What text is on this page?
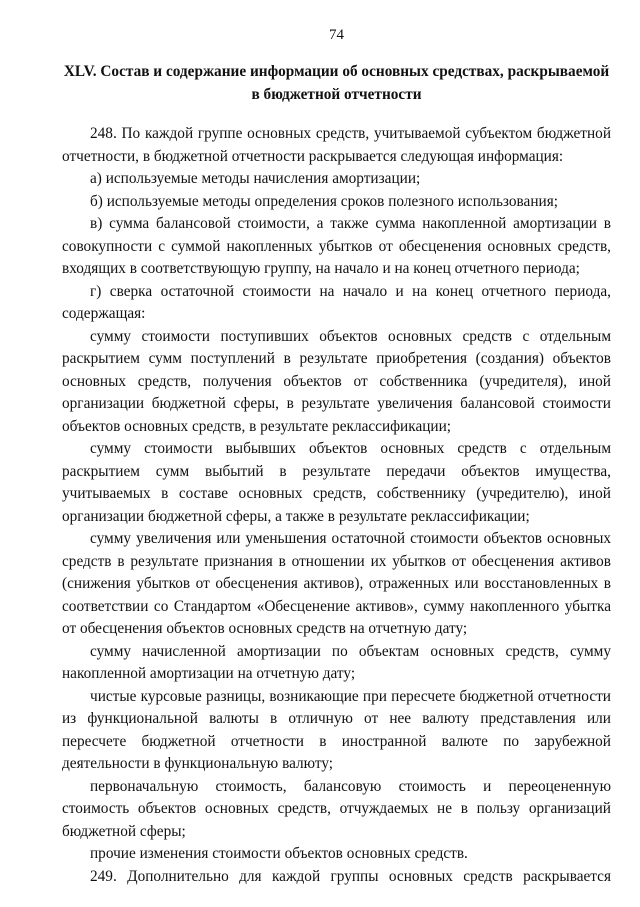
74
XLV. Состав и содержание информации об основных средствах, раскрываемой
в бюджетной отчетности

248. По каждой группе основных средств, учитываемой субъектом бюджетной отчетности, в бюджетной отчетности раскрывается следующая информация:

а) используемые методы начисления амортизации;

б) используемые методы определения сроков полезного использования;

в) сумма балансовой стоимости, а также сумма накопленной амортизации в совокупности с суммой накопленных убытков от обесценения основных средств, входящих в соответствующую группу, на начало и на конец отчетного периода;

г) сверка остаточной стоимости на начало и на конец отчетного периода, содержащая:

сумму стоимости поступивших объектов основных средств с отдельным раскрытием сумм поступлений в результате приобретения (создания) объектов основных средств, получения объектов от собственника (учредителя), иной организации бюджетной сферы, в результате увеличения балансовой стоимости объектов основных средств, в результате реклассификации;

сумму стоимости выбывших объектов основных средств с отдельным раскрытием сумм выбытий в результате передачи объектов имущества, учитываемых в составе основных средств, собственнику (учредителю), иной организации бюджетной сферы, а также в результате реклассификации;

сумму увеличения или уменьшения остаточной стоимости объектов основных средств в результате признания в отношении их убытков от обесценения активов (снижения убытков от обесценения активов), отраженных или восстановленных в соответствии со Стандартом «Обесценение активов», сумму накопленного убытка от обесценения объектов основных средств на отчетную дату;

сумму начисленной амортизации по объектам основных средств, сумму накопленной амортизации на отчетную дату;

чистые курсовые разницы, возникающие при пересчете бюджетной отчетности из функциональной валюты в отличную от нее валюту представления или пересчете бюджетной отчетности в иностранной валюте по зарубежной деятельности в функциональную валюту;

первоначальную стоимость, балансовую стоимость и переоцененную стоимость объектов основных средств, отчуждаемых не в пользу организаций бюджетной сферы;

прочие изменения стоимости объектов основных средств.

249. Дополнительно для каждой группы основных средств раскрывается
